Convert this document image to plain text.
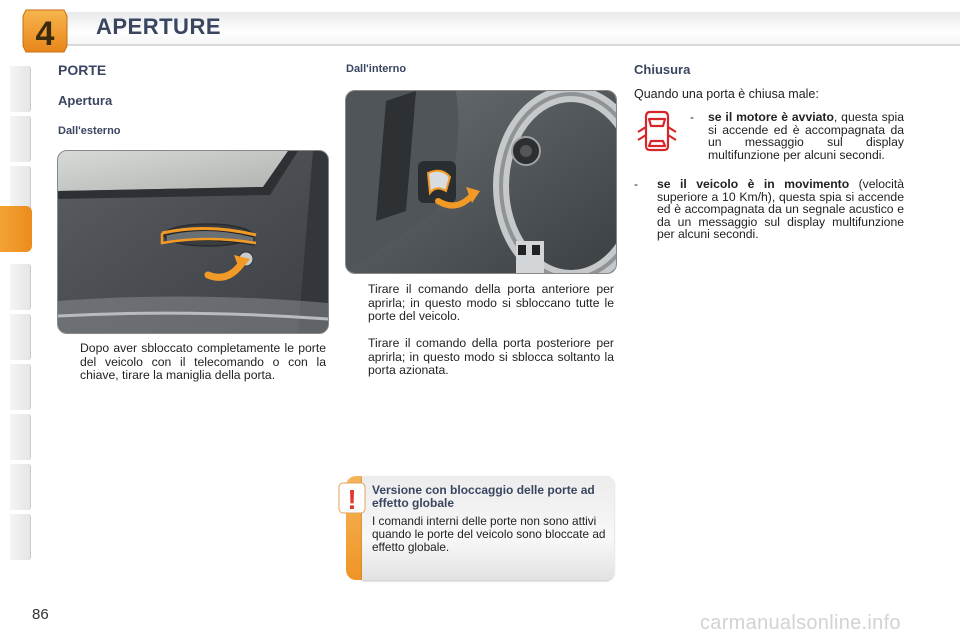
4 APERTURE
PORTE
Apertura
Dall'esterno
Dopo aver sbloccato completamente le porte del veicolo con il telecomando o con la chiave, tirare la maniglia della porta.
Dall'interno
Tirare il comando della porta anteriore per aprirla; in questo modo si sbloccano tutte le porte del veicolo.
Tirare il comando della porta posteriore per aprirla; in questo modo si sblocca soltanto la porta azionata.
Chiusura
Quando una porta è chiusa male:
- se il motore è avviato, questa spia si accende ed è accompagnata da un messaggio sul display multifunzione per alcuni secondi.
- se il veicolo è in movimento (velocità superiore a 10 Km/h), questa spia si accende ed è accompagnata da un segnale acustico e da un messaggio sul display multifunzione per alcuni secondi.
! Versione con bloccaggio delle porte ad effetto globale
I comandi interni delle porte non sono attivi quando le porte del veicolo sono bloccate ad effetto globale.
86	carmanualsonline.info
